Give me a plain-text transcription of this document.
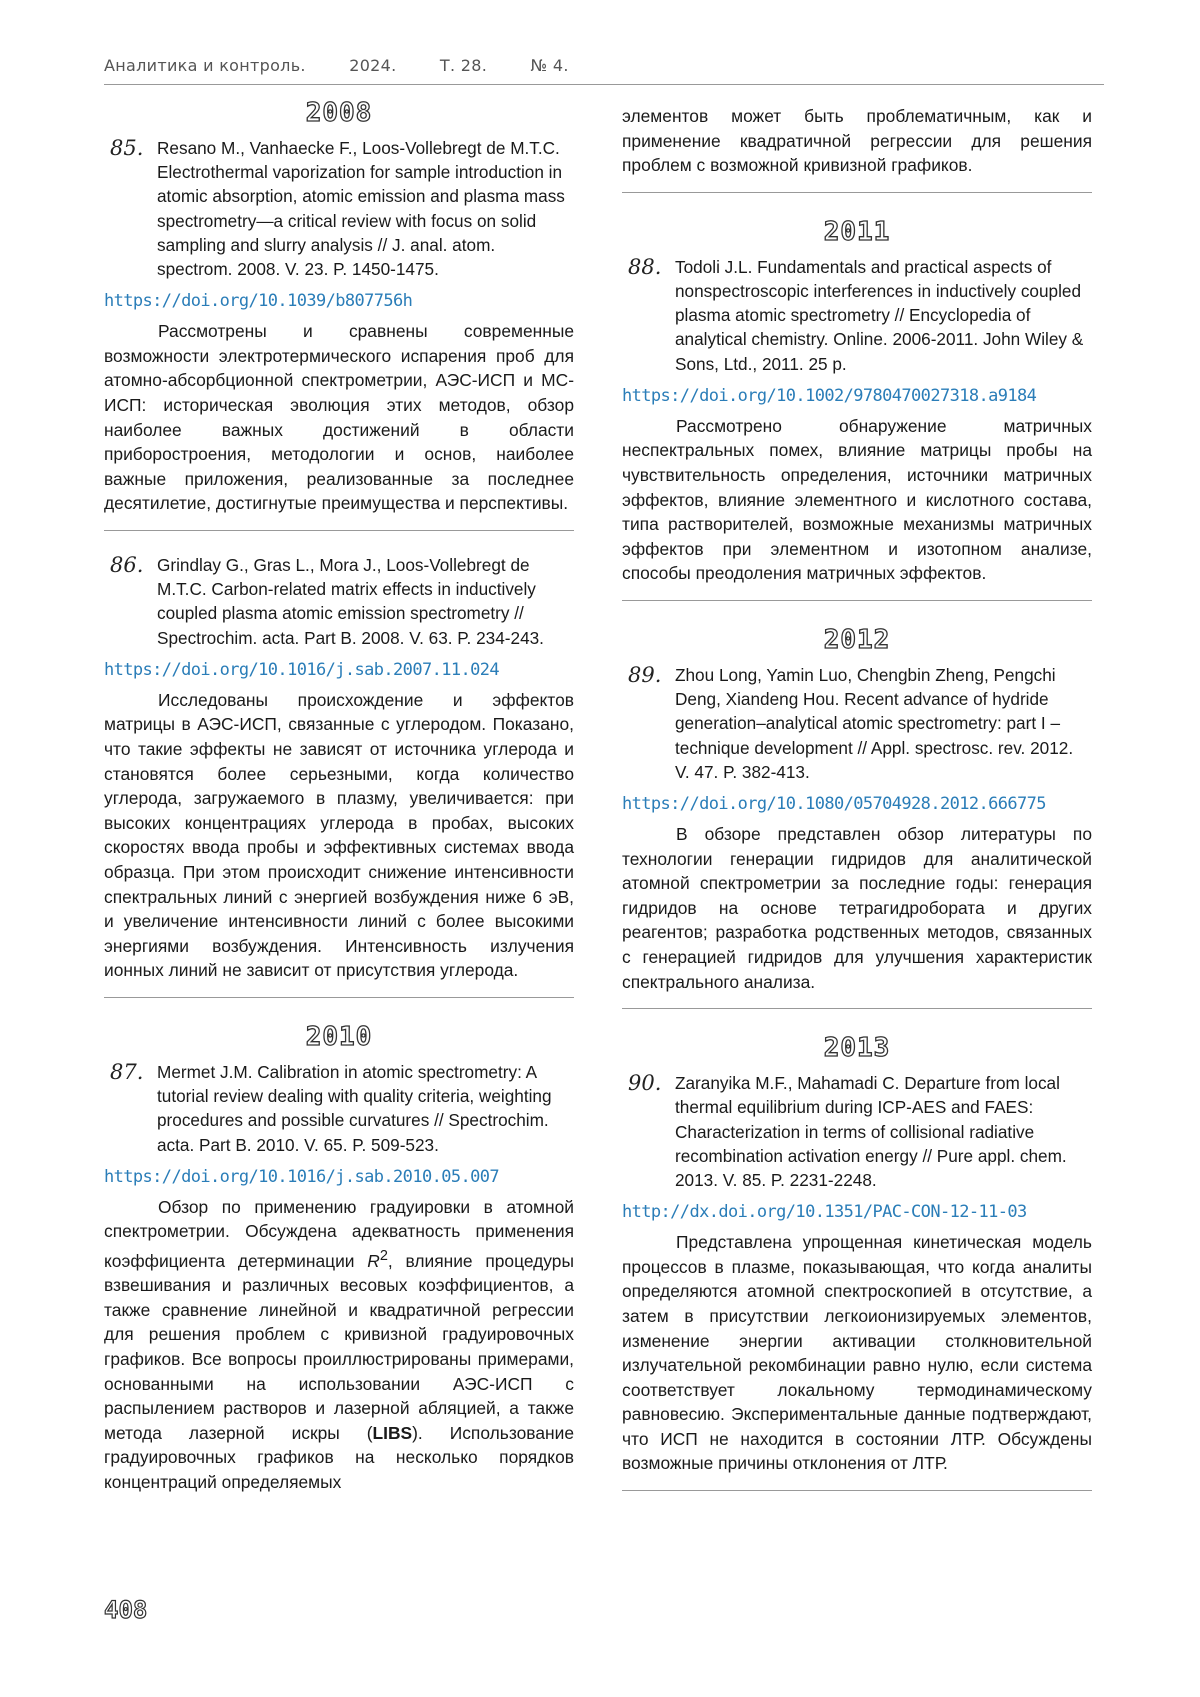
Аналитика и контроль.	2024.	Т. 28.	№ 4.
2008
85. Resano M., Vanhaecke F., Loos-Vollebregt de M.T.C. Electrothermal vaporization for sample introduction in atomic absorption, atomic emission and plasma mass spectrometry—a critical review with focus on solid sampling and slurry analysis // J. anal. atom. spectrom. 2008. V. 23. P. 1450-1475.
https://doi.org/10.1039/b807756h

Рассмотрены и сравнены современные возможности электротермического испарения проб для атомно-абсорбционной спектрометрии, АЭС-ИСП и МС-ИСП: историческая эволюция этих методов, обзор наиболее важных достижений в области приборостроения, методологии и основ, наиболее важные приложения, реализованные за последнее десятилетие, достигнутые преимущества и перспективы.

86. Grindlay G., Gras L., Mora J., Loos-Vollebregt de M.T.C. Carbon-related matrix effects in inductively coupled plasma atomic emission spectrometry // Spectrochim. acta. Part B. 2008. V. 63. P. 234-243.
https://doi.org/10.1016/j.sab.2007.11.024

Исследованы происхождение и эффектов матрицы в АЭС-ИСП, связанные с углеродом. Показано, что такие эффекты не зависят от источника углерода и становятся более серьезными, когда количество углерода, загружаемого в плазму, увеличивается: при высоких концентрациях углерода в пробах, высоких скоростях ввода пробы и эффективных системах ввода образца. При этом происходит снижение интенсивности спектральных линий с энергией возбуждения ниже 6 эВ, и увеличение интенсивности линий с более высокими энергиями возбуждения. Интенсивность излучения ионных линий не зависит от присутствия углерода.

2010
87. Mermet J.M. Calibration in atomic spectrometry: A tutorial review dealing with quality criteria, weighting procedures and possible curvatures // Spectrochim. acta. Part B. 2010. V. 65. P. 509-523.
https://doi.org/10.1016/j.sab.2010.05.007

Обзор по применению градуировки в атомной спектрометрии. Обсуждена адекватность применения коэффициента детерминации $R^2$, влияние процедуры взвешивания и различных весовых коэффициентов, а также сравнение линейной и квадратичной регрессии для решения проблем с кривизной градуировочных графиков. Все вопросы проиллюстрированы примерами, основанными на использовании АЭС-ИСП с распылением растворов и лазерной абляцией, а также метода лазерной искры (LIBS). Использование градуировочных графиков на несколько порядков концентраций определяемых

элементов может быть проблематичным, как и применение квадратичной регрессии для решения проблем с возможной кривизной графиков.

2011
88. Todoli J.L. Fundamentals and practical aspects of nonspectroscopic interferences in inductively coupled plasma atomic spectrometry // Encyclopedia of analytical chemistry. Online. 2006-2011. John Wiley & Sons, Ltd., 2011. 25 p.
https://doi.org/10.1002/9780470027318.a9184

Рассмотрено обнаружение матричных неспектральных помех, влияние матрицы пробы на чувствительность определения, источники матричных эффектов, влияние элементного и кислотного состава, типа растворителей, возможные механизмы матричных эффектов при элементном и изотопном анализе, способы преодоления матричных эффектов.

2012
89. Zhou Long, Yamin Luo, Chengbin Zheng, Pengchi Deng, Xiandeng Hou. Recent advance of hydride generation–analytical atomic spectrometry: part I – technique development // Appl. spectrosc. rev. 2012. V. 47. P. 382-413.
https://doi.org/10.1080/05704928.2012.666775

В обзоре представлен обзор литературы по технологии генерации гидридов для аналитической атомной спектрометрии за последние годы: генерация гидридов на основе тетрагидробората и других реагентов; разработка родственных методов, связанных с генерацией гидридов для улучшения характеристик спектрального анализа.

2013
90. Zaranyika M.F., Mahamadi C. Departure from local thermal equilibrium during ICP-AES and FAES: Characterization in terms of collisional radiative recombination activation energy // Pure appl. chem. 2013. V. 85. P. 2231-2248.
http://dx.doi.org/10.1351/PAC-CON-12-11-03

Представлена упрощенная кинетическая модель процессов в плазме, показывающая, что когда аналиты определяются атомной спектроскопией в отсутствие, а затем в присутствии легкоионизируемых элементов, изменение энергии активации столкновительной излучательной рекомбинации равно нулю, если система соответствует локальному термодинамическому равновесию. Экспериментальные данные подтверждают, что ИСП не находится в состоянии ЛТР. Обсуждены возможные причины отклонения от ЛТР.

408
